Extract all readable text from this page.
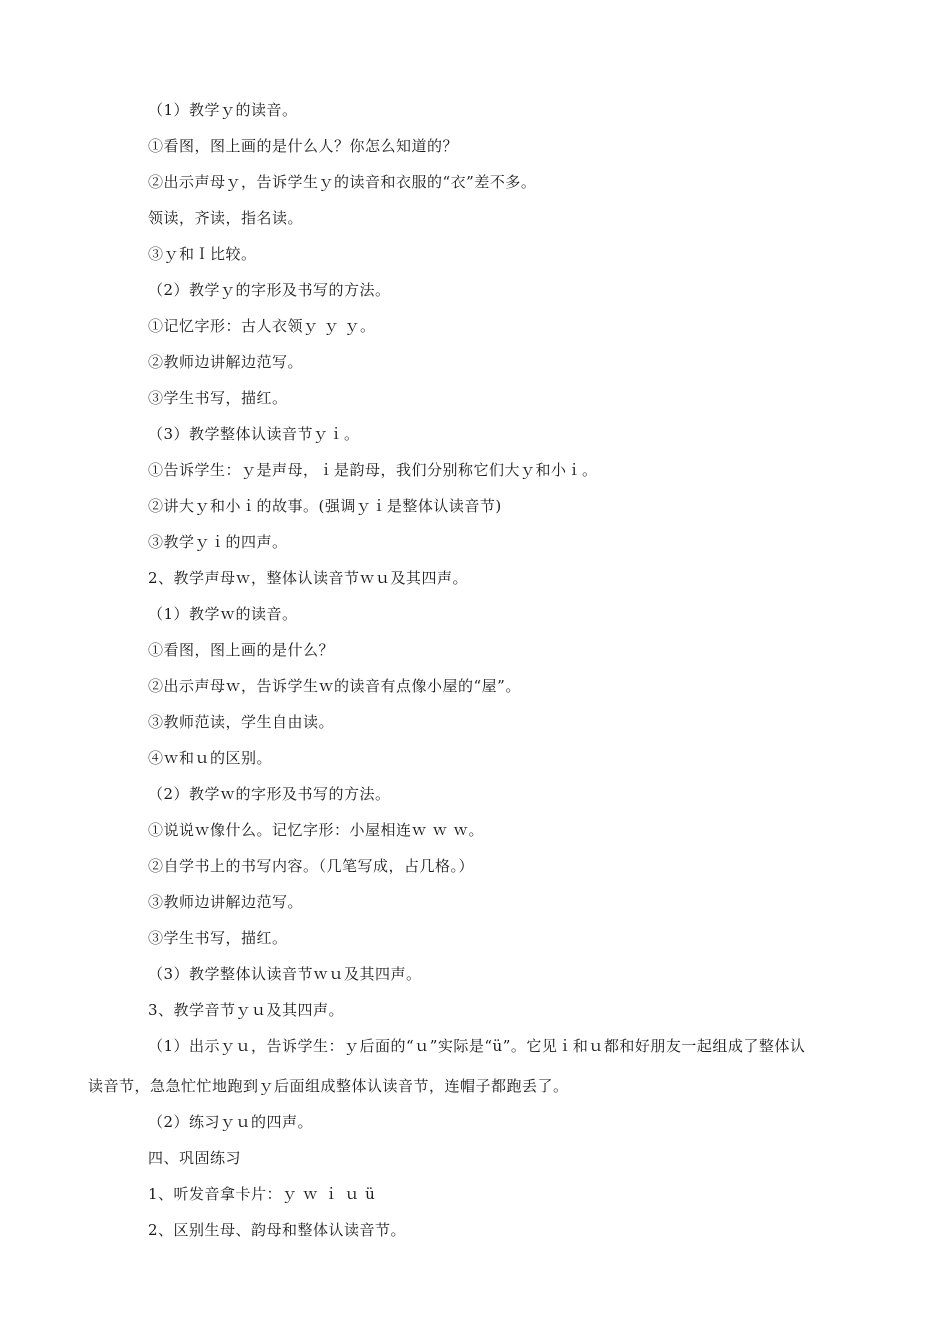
（1）教学ｙ的读音。
①看图，图上画的是什么人？你怎么知道的？
②出示声母ｙ，告诉学生ｙ的读音和衣服的“衣”差不多。
领读，齐读，指名读。
③ｙ和Ｉ比较。
（2）教学ｙ的字形及书写的方法。
①记忆字形：古人衣领ｙ ｙ ｙ。
②教师边讲解边范写。
③学生书写，描红。
（3）教学整体认读音节ｙｉ。
①告诉学生：ｙ是声母，ｉ是韵母，我们分别称它们大ｙ和小ｉ。
②讲大ｙ和小ｉ的故事。(强调ｙｉ是整体认读音节)
③教学ｙｉ的四声。
2、教学声母ｗ，整体认读音节ｗｕ及其四声。
（1）教学ｗ的读音。
①看图，图上画的是什么？
②出示声母ｗ，告诉学生ｗ的读音有点像小屋的“屋”。
③教师范读，学生自由读。
④ｗ和ｕ的区别。
（2）教学ｗ的字形及书写的方法。
①说说ｗ像什么。记忆字形：小屋相连ｗ ｗ ｗ。
②自学书上的书写内容。（几笔写成，占几格。）
③教师边讲解边范写。
③学生书写，描红。
（3）教学整体认读音节ｗｕ及其四声。
3、教学音节ｙｕ及其四声。
（1）出示ｙｕ，告诉学生：ｙ后面的“ｕ”实际是“ü”。它见ｉ和ｕ都和好朋友一起组成了整体认
读音节，急急忙忙地跑到ｙ后面组成整体认读音节，连帽子都跑丢了。
（2）练习ｙｕ的四声。
四、巩固练习
1、听发音拿卡片：ｙ ｗ ｉ ｕ ü
2、区别生母、韵母和整体认读音节。
